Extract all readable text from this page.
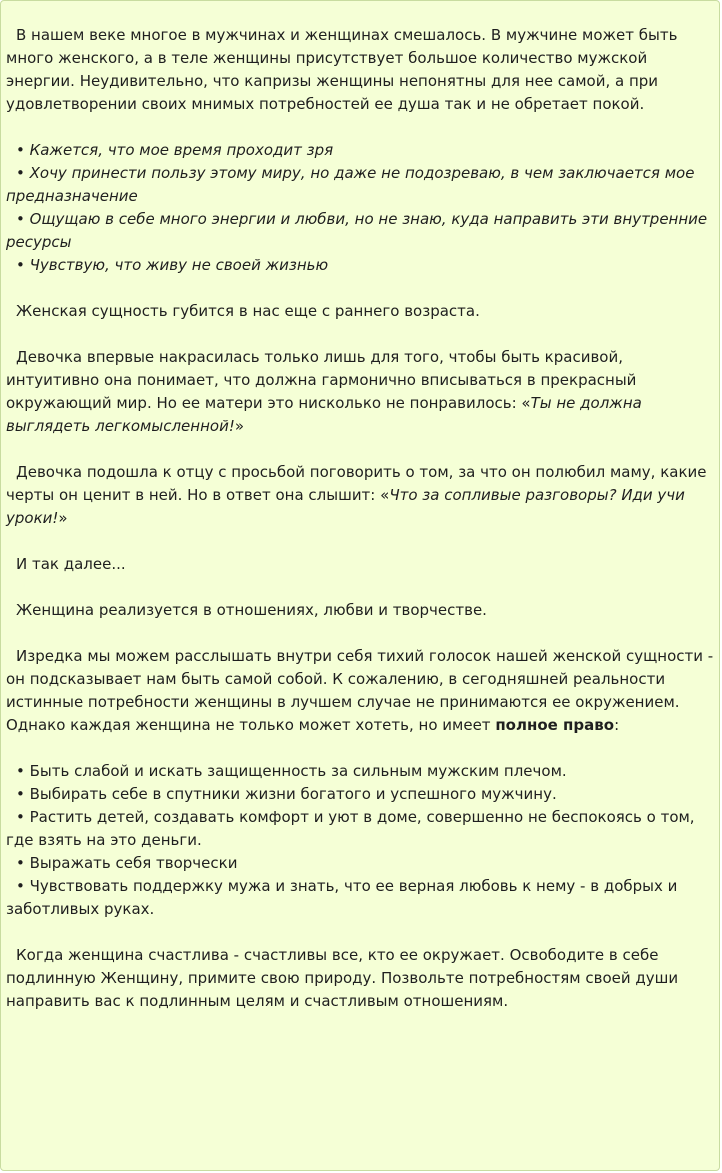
В нашем веке многое в мужчинах и женщинах смешалось. В мужчине может быть много женского, а в теле женщины присутствует большое количество мужской энергии. Неудивительно, что капризы женщины непонятны для нее самой, а при удовлетворении своих мнимых потребностей ее душа так и не обретает покой.

• Кажется, что мое время проходит зря

• Хочу принести пользу этому миру, но даже не подозреваю, в чем заключается мое предназначение

• Ощущаю в себе много энергии и любви, но не знаю, куда направить эти внутренние ресурсы

• Чувствую, что живу не своей жизнью

Женская сущность губится в нас еще с раннего возраста.

Девочка впервые накрасилась только лишь для того, чтобы быть красивой, интуитивно она понимает, что должна гармонично вписываться в прекрасный окружающий мир. Но ее матери это нисколько не понравилось: «Ты не должна выглядеть легкомысленной!»

Девочка подошла к отцу с просьбой поговорить о том, за что он полюбил маму, какие черты он ценит в ней. Но в ответ она слышит: «Что за сопливые разговоры? Иди учи уроки!»

И так далее...

Женщина реализуется в отношениях, любви и творчестве.

Изредка мы можем расслышать внутри себя тихий голосок нашей женской сущности - он подсказывает нам быть самой собой. К сожалению, в сегодняшней реальности истинные потребности женщины в лучшем случае не принимаются ее окружением. Однако каждая женщина не только может хотеть, но имеет полное право:

• Быть слабой и искать защищенность за сильным мужским плечом.

• Выбирать себе в спутники жизни богатого и успешного мужчину.

• Растить детей, создавать комфорт и уют в доме, совершенно не беспокоясь о том, где взять на это деньги.

• Выражать себя творчески

• Чувствовать поддержку мужа и знать, что ее верная любовь к нему - в добрых и заботливых руках.

Когда женщина счастлива - счастливы все, кто ее окружает. Освободите в себе подлинную Женщину, примите свою природу. Позвольте потребностям своей души направить вас к подлинным целям и счастливым отношениям.
